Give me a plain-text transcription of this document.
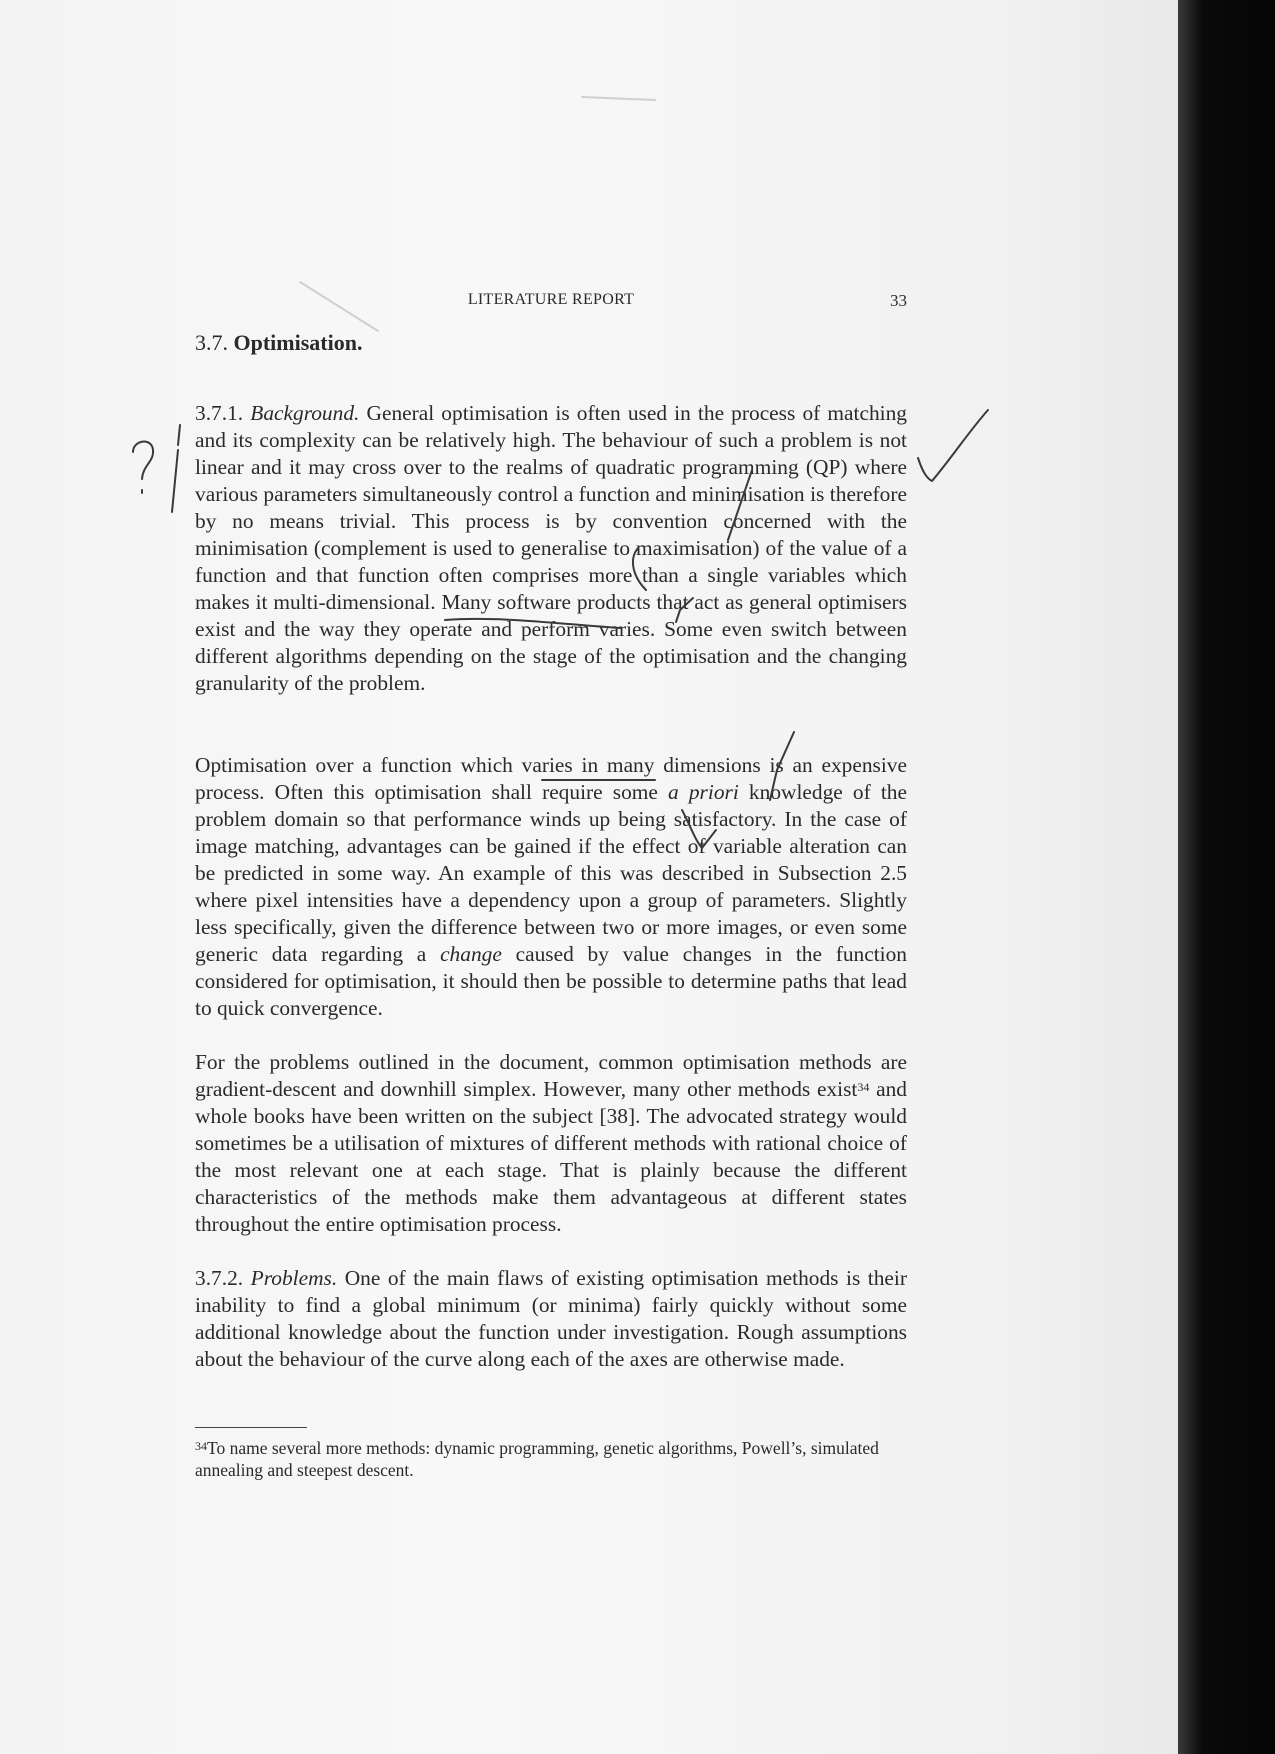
LITERATURE REPORT	33
3.7. Optimisation.
3.7.1. Background. General optimisation is often used in the process of matching and its complexity can be relatively high. The behaviour of such a problem is not linear and it may cross over to the realms of quadratic programming (QP) where various parameters simultaneously control a function and minimisation is therefore by no means trivial. This process is by convention concerned with the minimisation (complement is used to generalise to maximisation) of the value of a function and that function often comprises more than a single variables which makes it multi-dimensional. Many software products that act as general optimisers exist and the way they operate and perform varies. Some even switch between different algorithms depending on the stage of the optimisation and the changing granularity of the problem.
Optimisation over a function which varies in many dimensions is an expensive process. Often this optimisation shall require some a priori knowledge of the problem domain so that performance winds up being satisfactory. In the case of image matching, advantages can be gained if the effect of variable alteration can be predicted in some way. An example of this was described in Subsection 2.5 where pixel intensities have a dependency upon a group of parameters. Slightly less specifically, given the difference between two or more images, or even some generic data regarding a change caused by value changes in the function considered for optimisation, it should then be possible to determine paths that lead to quick convergence.
For the problems outlined in the document, common optimisation methods are gradient-descent and downhill simplex. However, many other methods exist$^{34}$ and whole books have been written on the subject [38]. The advocated strategy would sometimes be a utilisation of mixtures of different methods with rational choice of the most relevant one at each stage. That is plainly because the different characteristics of the methods make them advantageous at different states throughout the entire optimisation process.
3.7.2. Problems. One of the main flaws of existing optimisation methods is their inability to find a global minimum (or minima) fairly quickly without some additional knowledge about the function under investigation. Rough assumptions about the behaviour of the curve along each of the axes are otherwise made.
$^{34}$To name several more methods: dynamic programming, genetic algorithms, Powell’s, simulated annealing and steepest descent.
